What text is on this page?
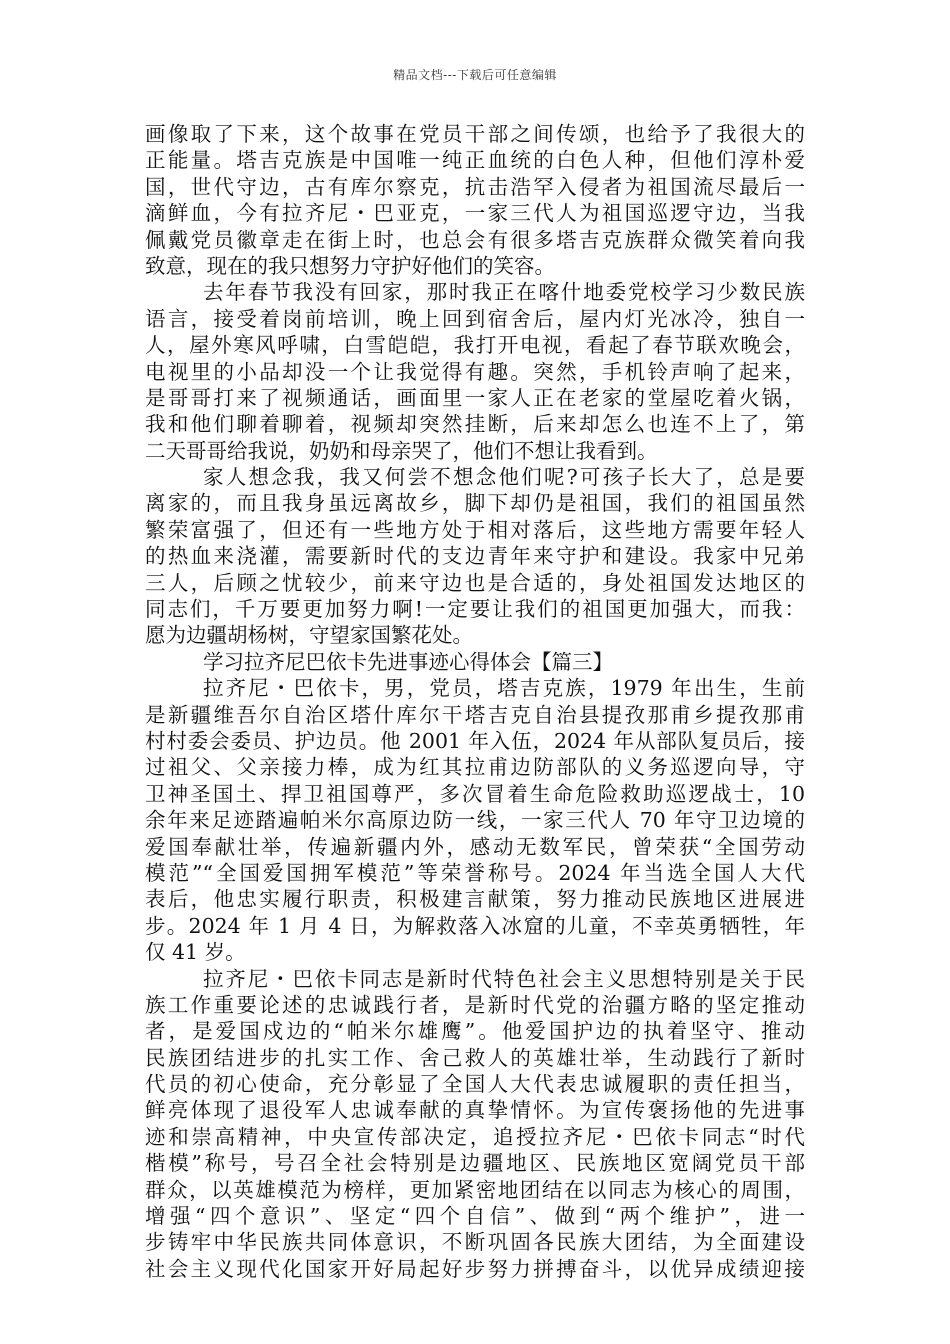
精品文档---下载后可任意编辑
画像取了下来，这个故事在党员干部之间传颂，也给予了我很大的
正能量。塔吉克族是中国唯一纯正血统的白色人种，但他们淳朴爱
国，世代守边，古有库尔察克，抗击浩罕入侵者为祖国流尽最后一
滴鲜血，今有拉齐尼・巴亚克，一家三代人为祖国巡逻守边，当我
佩戴党员徽章走在街上时，也总会有很多塔吉克族群众微笑着向我
致意，现在的我只想努力守护好他们的笑容。
去年春节我没有回家，那时我正在喀什地委党校学习少数民族
语言，接受着岗前培训，晚上回到宿舍后，屋内灯光冰冷，独自一
人，屋外寒风呼啸，白雪皑皑，我打开电视，看起了春节联欢晚会，
电视里的小品却没一个让我觉得有趣。突然，手机铃声响了起来，
是哥哥打来了视频通话，画面里一家人正在老家的堂屋吃着火锅，
我和他们聊着聊着，视频却突然挂断，后来却怎么也连不上了，第
二天哥哥给我说，奶奶和母亲哭了，他们不想让我看到。
家人想念我，我又何尝不想念他们呢?可孩子长大了，总是要
离家的，而且我身虽远离故乡，脚下却仍是祖国，我们的祖国虽然
繁荣富强了，但还有一些地方处于相对落后，这些地方需要年轻人
的热血来浇灌，需要新时代的支边青年来守护和建设。我家中兄弟
三人，后顾之忧较少，前来守边也是合适的，身处祖国发达地区的
同志们，千万要更加努力啊!一定要让我们的祖国更加强大，而我：
愿为边疆胡杨树，守望家国繁花处。
学习拉齐尼巴依卡先进事迹心得体会【篇三】
拉齐尼・巴依卡，男，党员，塔吉克族，1979 年出生，生前
是新疆维吾尔自治区塔什库尔干塔吉克自治县提孜那甫乡提孜那甫
村村委会委员、护边员。他 2001 年入伍，2024 年从部队复员后，接
过祖父、父亲接力棒，成为红其拉甫边防部队的义务巡逻向导，守
卫神圣国土、捍卫祖国尊严，多次冒着生命危险救助巡逻战士，10
余年来足迹踏遍帕米尔高原边防一线，一家三代人 70 年守卫边境的
爱国奉献壮举，传遍新疆内外，感动无数军民，曾荣获“全国劳动
模范”“全国爱国拥军模范”等荣誉称号。2024 年当选全国人大代
表后，他忠实履行职责，积极建言献策，努力推动民族地区进展进
步。2024 年 1 月 4 日，为解救落入冰窟的儿童，不幸英勇牺牲，年
仅 41 岁。
拉齐尼・巴依卡同志是新时代特色社会主义思想特别是关于民
族工作重要论述的忠诚践行者，是新时代党的治疆方略的坚定推动
者，是爱国戍边的“帕米尔雄鹰”。他爱国护边的执着坚守、推动
民族团结进步的扎实工作、舍己救人的英雄壮举，生动践行了新时
代员的初心使命，充分彰显了全国人大代表忠诚履职的责任担当，
鲜亮体现了退役军人忠诚奉献的真挚情怀。为宣传褒扬他的先进事
迹和崇高精神，中央宣传部决定，追授拉齐尼・巴依卡同志“时代
楷模”称号，号召全社会特别是边疆地区、民族地区宽阔党员干部
群众，以英雄模范为榜样，更加紧密地团结在以同志为核心的周围，
增强“四个意识”、坚定“四个自信”、做到“两个维护”，进一
步铸牢中华民族共同体意识，不断巩固各民族大团结，为全面建设
社会主义现代化国家开好局起好步努力拼搏奋斗，以优异成绩迎接
